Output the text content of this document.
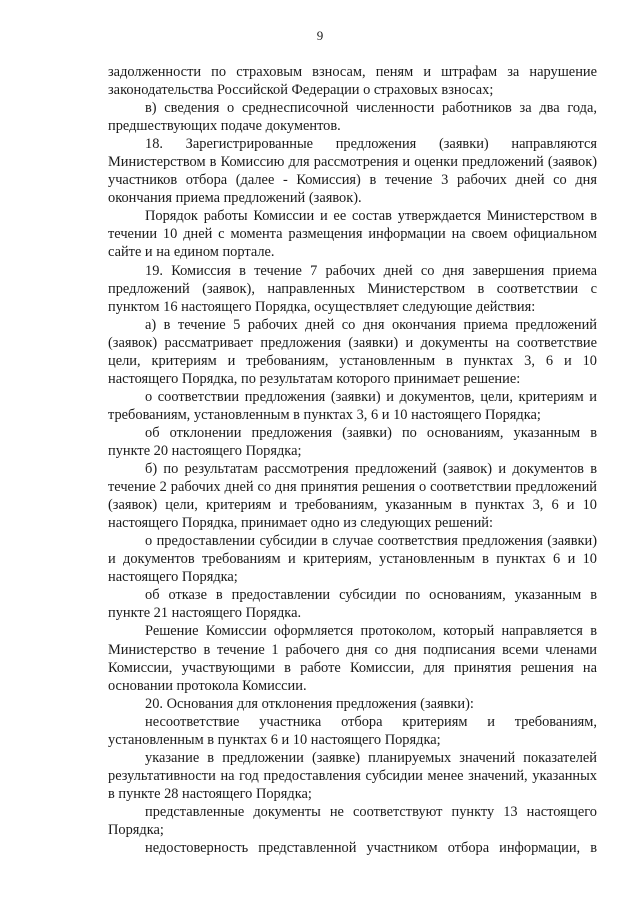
9

задолженности по страховым взносам, пеням и штрафам за нарушение законодательства Российской Федерации о страховых взносах;

в) сведения о среднесписочной численности работников за два года, предшествующих подаче документов.

18. Зарегистрированные предложения (заявки) направляются Министерством в Комиссию для рассмотрения и оценки предложений (заявок) участников отбора (далее - Комиссия) в течение 3 рабочих дней со дня окончания приема предложений (заявок).

Порядок работы Комиссии и ее состав утверждается Министерством в течении 10 дней с момента размещения информации на своем официальном сайте и на едином портале.

19. Комиссия в течение 7 рабочих дней со дня завершения приема предложений (заявок), направленных Министерством в соответствии с пунктом 16 настоящего Порядка, осуществляет следующие действия:

а) в течение 5 рабочих дней со дня окончания приема предложений (заявок) рассматривает предложения (заявки) и документы на соответствие цели, критериям и требованиям, установленным в пунктах 3, 6 и 10 настоящего Порядка, по результатам которого принимает решение:

о соответствии предложения (заявки) и документов, цели, критериям и требованиям, установленным в пунктах 3, 6 и 10 настоящего Порядка;

об отклонении предложения (заявки) по основаниям, указанным в пункте 20 настоящего Порядка;

б) по результатам рассмотрения предложений (заявок) и документов в течение 2 рабочих дней со дня принятия решения о соответствии предложений (заявок) цели, критериям и требованиям, указанным в пунктах 3, 6 и 10 настоящего Порядка, принимает одно из следующих решений:

о предоставлении субсидии в случае соответствия предложения (заявки) и документов требованиям и критериям, установленным в пунктах 6 и 10 настоящего Порядка;

об отказе в предоставлении субсидии по основаниям, указанным в пункте 21 настоящего Порядка.

Решение Комиссии оформляется протоколом, который направляется в Министерство в течение 1 рабочего дня со дня подписания всеми членами Комиссии, участвующими в работе Комиссии, для принятия решения на основании протокола Комиссии.

20. Основания для отклонения предложения (заявки):

несоответствие участника отбора критериям и требованиям, установленным в пунктах 6 и 10 настоящего Порядка;

указание в предложении (заявке) планируемых значений показателей результативности на год предоставления субсидии менее значений, указанных в пункте 28 настоящего Порядка;

представленные документы не соответствуют пункту 13 настоящего Порядка;

недостоверность представленной участником отбора информации, в
